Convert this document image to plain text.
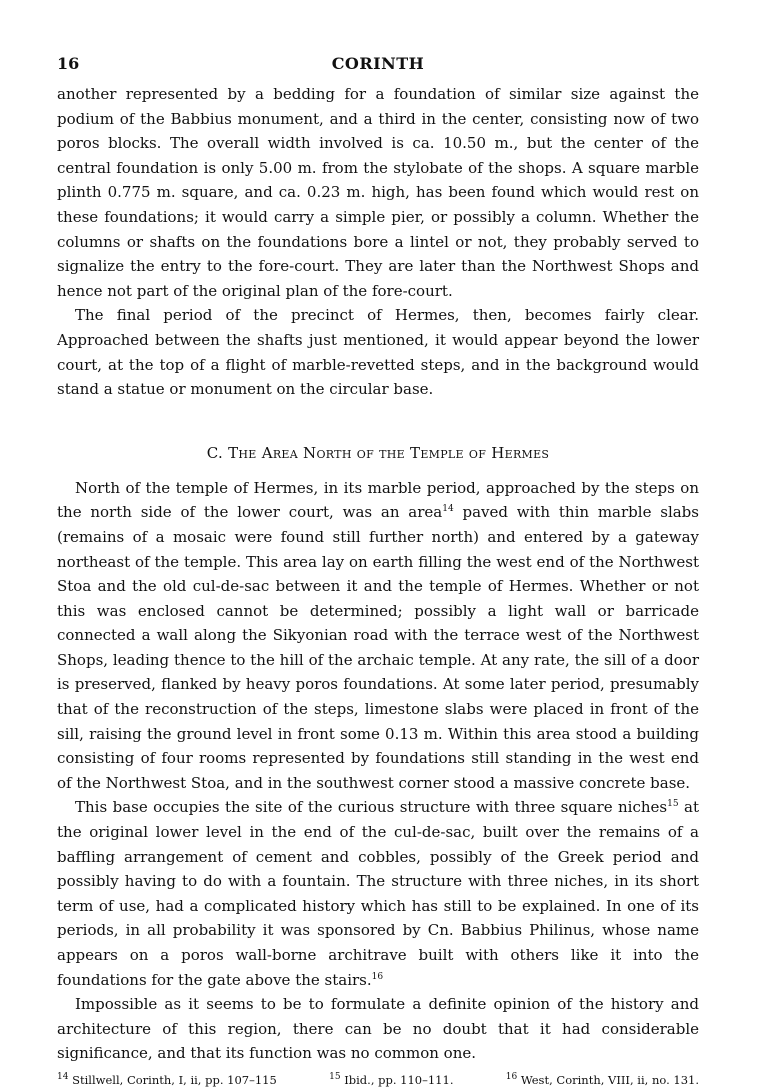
16	CORINTH

another represented by a bedding for a foundation of similar size against the podium of the Babbius monument, and a third in the center, consisting now of two poros blocks. The overall width involved is ca. 10.50 m., but the center of the central foundation is only 5.00 m. from the stylobate of the shops. A square marble plinth 0.775 m. square, and ca. 0.23 m. high, has been found which would rest on these foundations; it would carry a simple pier, or possibly a column. Whether the columns or shafts on the foundations bore a lintel or not, they probably served to signalize the entry to the fore-court. They are later than the Northwest Shops and hence not part of the original plan of the fore-court.

The final period of the precinct of Hermes, then, becomes fairly clear. Approached between the shafts just mentioned, it would appear beyond the lower court, at the top of a flight of marble-revetted steps, and in the background would stand a statue or monument on the circular base.

C. The Area North of the Temple of Hermes

North of the temple of Hermes, in its marble period, approached by the steps on the north side of the lower court, was an area$^{14}$ paved with thin marble slabs (remains of a mosaic were found still further north) and entered by a gateway northeast of the temple. This area lay on earth filling the west end of the Northwest Stoa and the old cul-de-sac between it and the temple of Hermes. Whether or not this was enclosed cannot be determined; possibly a light wall or barricade connected a wall along the Sikyonian road with the terrace west of the Northwest Shops, leading thence to the hill of the archaic temple. At any rate, the sill of a door is preserved, flanked by heavy poros foundations. At some later period, presumably that of the reconstruction of the steps, limestone slabs were placed in front of the sill, raising the ground level in front some 0.13 m. Within this area stood a building consisting of four rooms represented by foundations still standing in the west end of the Northwest Stoa, and in the southwest corner stood a massive concrete base.

This base occupies the site of the curious structure with three square niches$^{15}$ at the original lower level in the end of the cul-de-sac, built over the remains of a baffling arrangement of cement and cobbles, possibly of the Greek period and possibly having to do with a fountain. The structure with three niches, in its short term of use, had a complicated history which has still to be explained. In one of its periods, in all probability it was sponsored by Cn. Babbius Philinus, whose name appears on a poros wall-borne architrave built with others like it into the foundations for the gate above the stairs.$^{16}$

Impossible as it seems to be to formulate a definite opinion of the history and architecture of this region, there can be no doubt that it had considerable significance, and that its function was no common one.

$^{14}$ Stillwell, Corinth, I, ii, pp. 107–115	$^{15}$ Ibid., pp. 110–111.	$^{16}$ West, Corinth, VIII, ii, no. 131.
